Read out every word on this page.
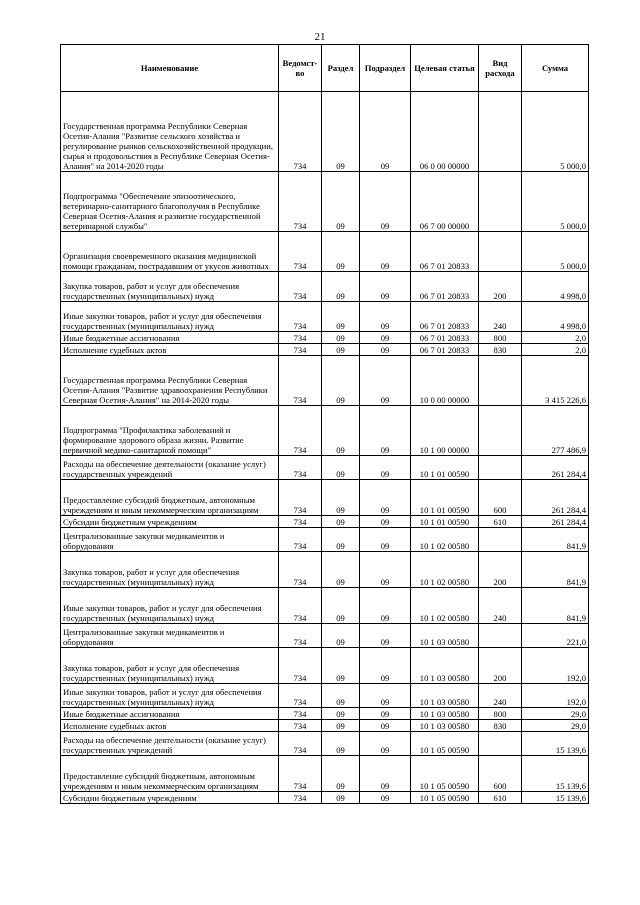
21
Наименование	Ведомст-во	Раздел	Подраздел	Целевая статья	Вид расхода	Сумма
Государственная программа Республики Северная Осетия-Алания "Развитие сельского хозяйства и регулирование рынков сельскохозяйственной продукции, сырья и продовольствия в Республике Северная Осетия-Алания" на 2014-2020 годы	734	09	09	06 0 00 00000		5 000,0
Подпрограмма "Обеспечение эпизоотического, ветеринарно-санитарного благополучия в Республике Северная Осетия-Алания и развитие государственной ветеринарной службы"	734	09	09	06 7 00 00000		5 000,0
Организация своевременного оказания медицинской помощи гражданам, пострадавшим от укусов животных	734	09	09	06 7 01 20833		5 000,0
Закупка товаров, работ и услуг для обеспечения государственных (муниципальных) нужд	734	09	09	06 7 01 20833	200	4 998,0
Иные закупки товаров, работ и услуг для обеспечения государственных (муниципальных) нужд	734	09	09	06 7 01 20833	240	4 998,0
Иные бюджетные ассигнования	734	09	09	06 7 01 20833	800	2,0
Исполнение судебных актов	734	09	09	06 7 01 20833	830	2,0
Государственная программа Республики Северная Осетия-Алания "Развитие здравоохранения Республики Северная Осетия-Алания" на 2014-2020 годы	734	09	09	10 0 00 00000		3 415 226,6
Подпрограмма "Профилактика заболеваний и формирование здорового образа жизни. Развитие первичной медико-санитарной помощи"	734	09	09	10 1 00 00000		277 486,9
Расходы на обеспечение деятельности (оказание услуг) государственных учреждений	734	09	09	10 1 01 00590		261 284,4
Предоставление субсидий бюджетным, автономным учреждениям и иным некоммерческим организациям	734	09	09	10 1 01 00590	600	261 284,4
Субсидии бюджетным учреждениям	734	09	09	10 1 01 00590	610	261 284,4
Централизованные закупки медикаментов и оборудования	734	09	09	10 1 02 00580		841,9
Закупка товаров, работ и услуг для обеспечения государственных (муниципальных) нужд	734	09	09	10 1 02 00580	200	841,9
Иные закупки товаров, работ и услуг для обеспечения государственных (муниципальных) нужд	734	09	09	10 1 02 00580	240	841,9
Централизованные закупки медикаментов и оборудования	734	09	09	10 1 03 00580		221,0
Закупка товаров, работ и услуг для обеспечения государственных (муниципальных) нужд	734	09	09	10 1 03 00580	200	192,0
Иные закупки товаров, работ и услуг для обеспечения государственных (муниципальных) нужд	734	09	09	10 1 03 00580	240	192,0
Иные бюджетные ассигнования	734	09	09	10 1 03 00580	800	29,0
Исполнение судебных актов	734	09	09	10 1 03 00580	830	29,0
Расходы на обеспечение деятельности (оказание услуг) государственных учреждений	734	09	09	10 1 05 00590		15 139,6
Предоставление субсидий бюджетным, автономным учреждениям и иным некоммерческим организациям	734	09	09	10 1 05 00590	600	15 139,6
Субсидии бюджетным учреждениям	734	09	09	10 1 05 00590	610	15 139,6
